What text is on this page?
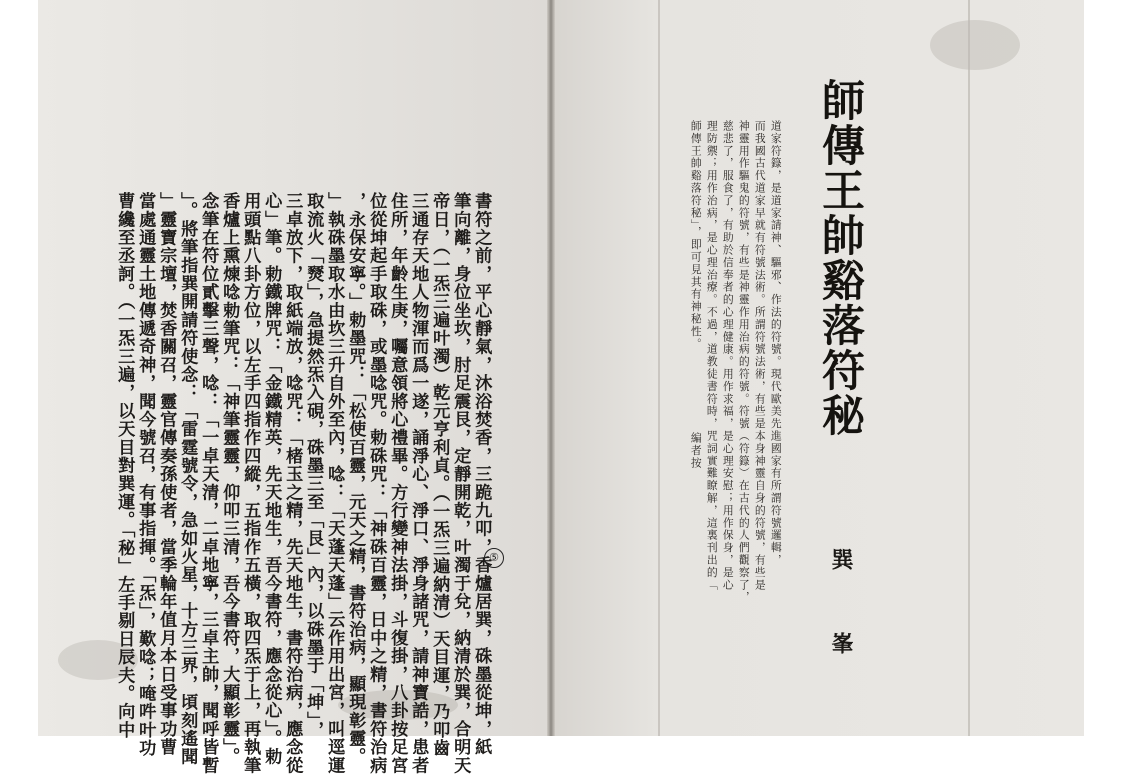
師傳王帥谿落符秘
巽 峯
道家符籙，是道家請神、驅邪、作法的符號。現代歐美先進國家有所謂符號邏輯，
而我國古代道家早就有符號法術。所謂符號法術，有些是本身神靈自身的符號，有些是
神靈用作驅鬼的符號，有些是神靈作用治病的符號。符號（符籙）在古代的人們觀察了，
慈悲了，服食了，有助於信奉者的心理健康。用作求福，是心理安慰；用作保身，是心
理防禦；用作治病，是心理治療。不過，道教徒書符時，咒詞實難瞭解，這裏刊出的「
師傳王帥谿落符秘」，即可見其有神秘性。
編者按
書符之前，平心靜氣，沐浴焚香，三跪九叩，香爐居巽，硃墨從坤，紙
筆向離，身位坐坎，肘足震艮，定靜開乾，叶濁于兌，納清於巽，合明天
帝日，（一炁三遍叶濁）乾元亨利貞。（一炁三遍納清）天目運，乃叩齒
三通存天地人物渾而爲一遂，誦淨心、淨口、淨身諸咒，請神寶誥，患者
住所，年齡生庚，囑意領將心禮畢。方行變神法掛，斗復掛，八卦按足宮
位從坤起手取硃，或墨唸咒。勅硃咒：「神硃百靈，日中之精，書符治病
，永保安寧。」勅墨咒：「松使百靈，元天之精，書符治病，顯現彰靈。
」執硃墨取水由坎三升自外至內，唸：「天蓬天蓬」云作用出宮，叫逕運
取流火「燹」，急提然炁入硯，硃墨三至「艮」內，以硃墨于「坤」，
三卓放下，取紙端放，唸咒：「楮玉之精，先天地生，書符治病，應念從
心」筆。勅鐵牌咒：「金鐵精英，先天地生，吾今書符，應念從心」。勅
用頭點八卦方位，以左手四指作四縱，五指作五橫，取四炁于上，再執筆
香爐上熏煉唸勅筆咒：「神筆靈靈，仰叩三清，吾今書符，大顯彰靈」。
念筆在符位貳擊三聲，唸：「一卓天清，二卓地寧，三卓主帥，聞呼皆暫
」。將筆指巽開請符使念：「雷霆號令，急如火星，十方三界，頃刻遙聞
」靈寶宗壇，焚香關召，靈官傳奏孫使者，當季輪年值月本日受事功曹
當處通靈土地傳遞奇神，聞今號召，有事指揮。「炁」，歎唸；唵吽叶功
曹纔至丞訶。（一炁三遍，以天目對巽運。「秘」左手剔日辰夫。向中	⑤
